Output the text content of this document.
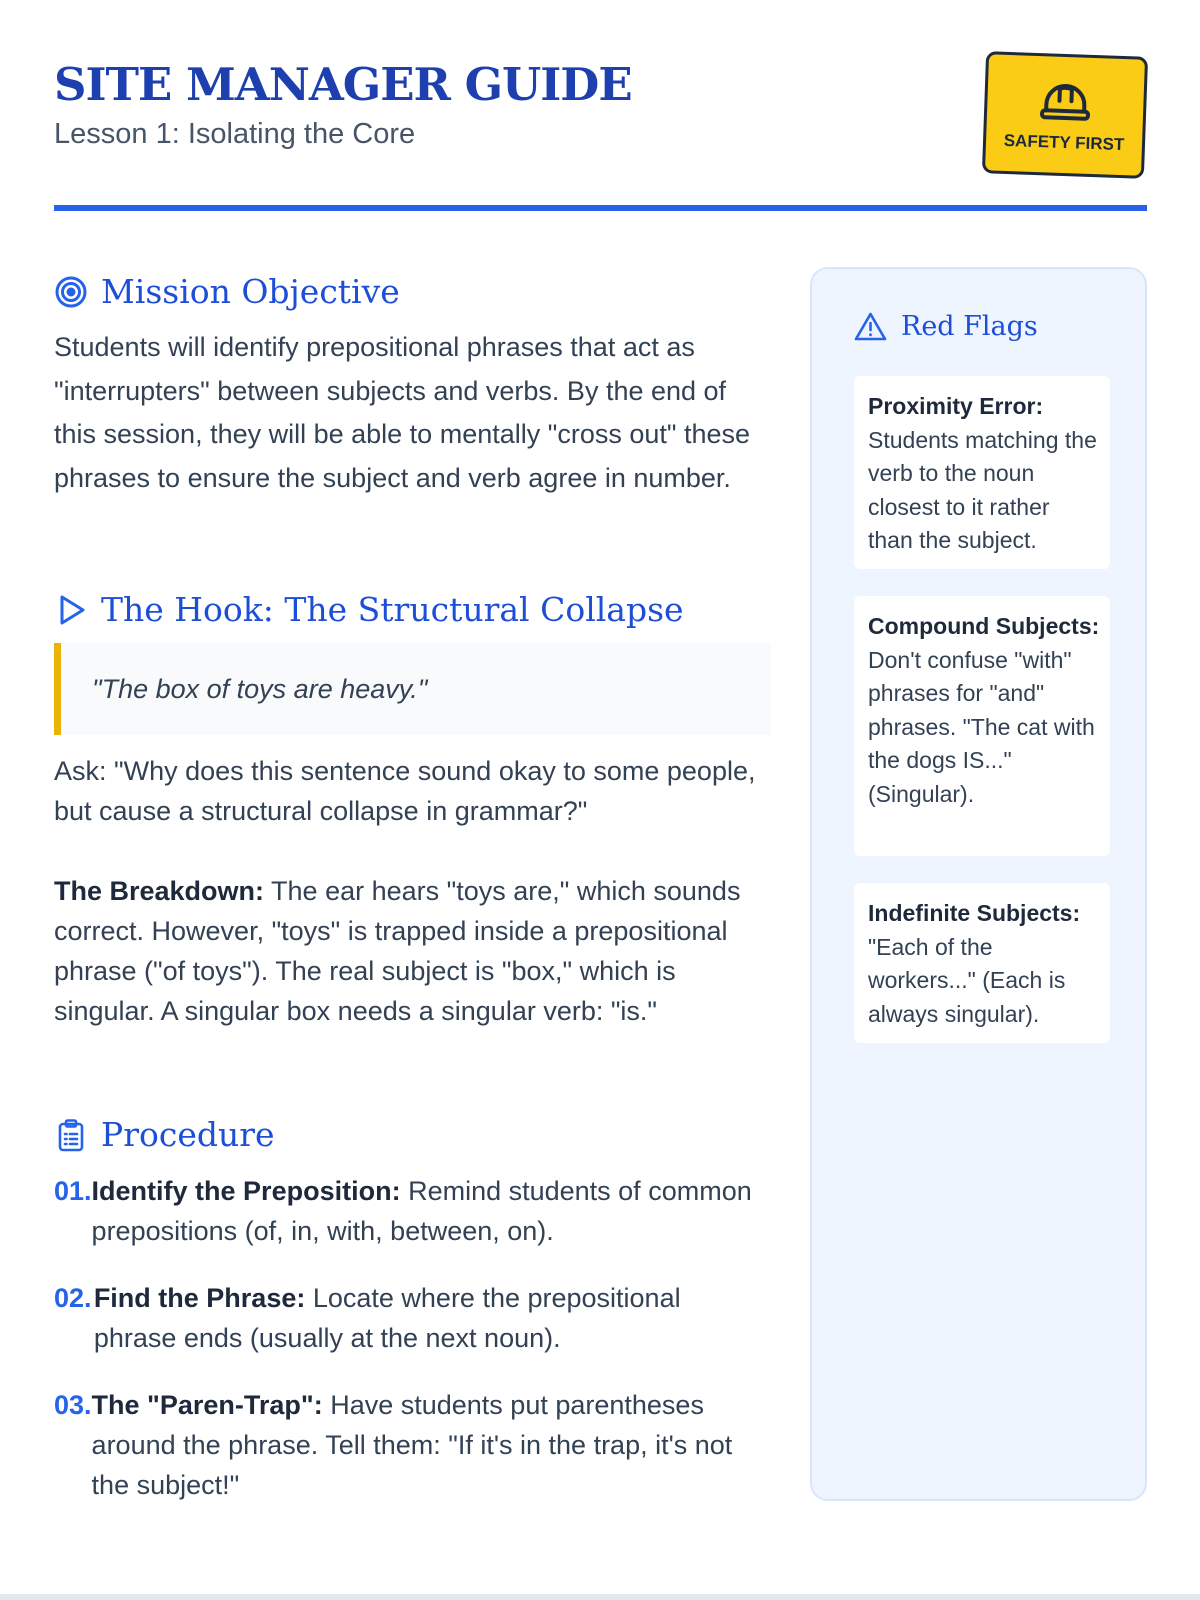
SITE MANAGER GUIDE
Lesson 1: Isolating the Core	SAFETY FIRST
Mission Objective

Students will identify prepositional phrases that act as "interrupters" between subjects and verbs. By the end of this session, they will be able to mentally "cross out" these phrases to ensure the subject and verb agree in number.

The Hook: The Structural Collapse
"The box of toys are heavy."

Ask: "Why does this sentence sound okay to some people, but cause a structural collapse in grammar?"

The Breakdown: The ear hears "toys are," which sounds correct. However, "toys" is trapped inside a prepositional phrase ("of toys"). The real subject is "box," which is singular. A singular box needs a singular verb: "is."

Procedure
01. Identify the Preposition: Remind students of common prepositions (of, in, with, between, on).
02. Find the Phrase: Locate where the prepositional phrase ends (usually at the next noun).
03. The "Paren-Trap": Have students put parentheses around the phrase. Tell them: "If it's in the trap, it's not the subject!"
Red Flags
Proximity Error: Students matching the verb to the noun closest to it rather than the subject.
Compound Subjects: Don't confuse "with" phrases for "and" phrases. "The cat with the dogs IS..." (Singular).
Indefinite Subjects: "Each of the workers..." (Each is always singular).
